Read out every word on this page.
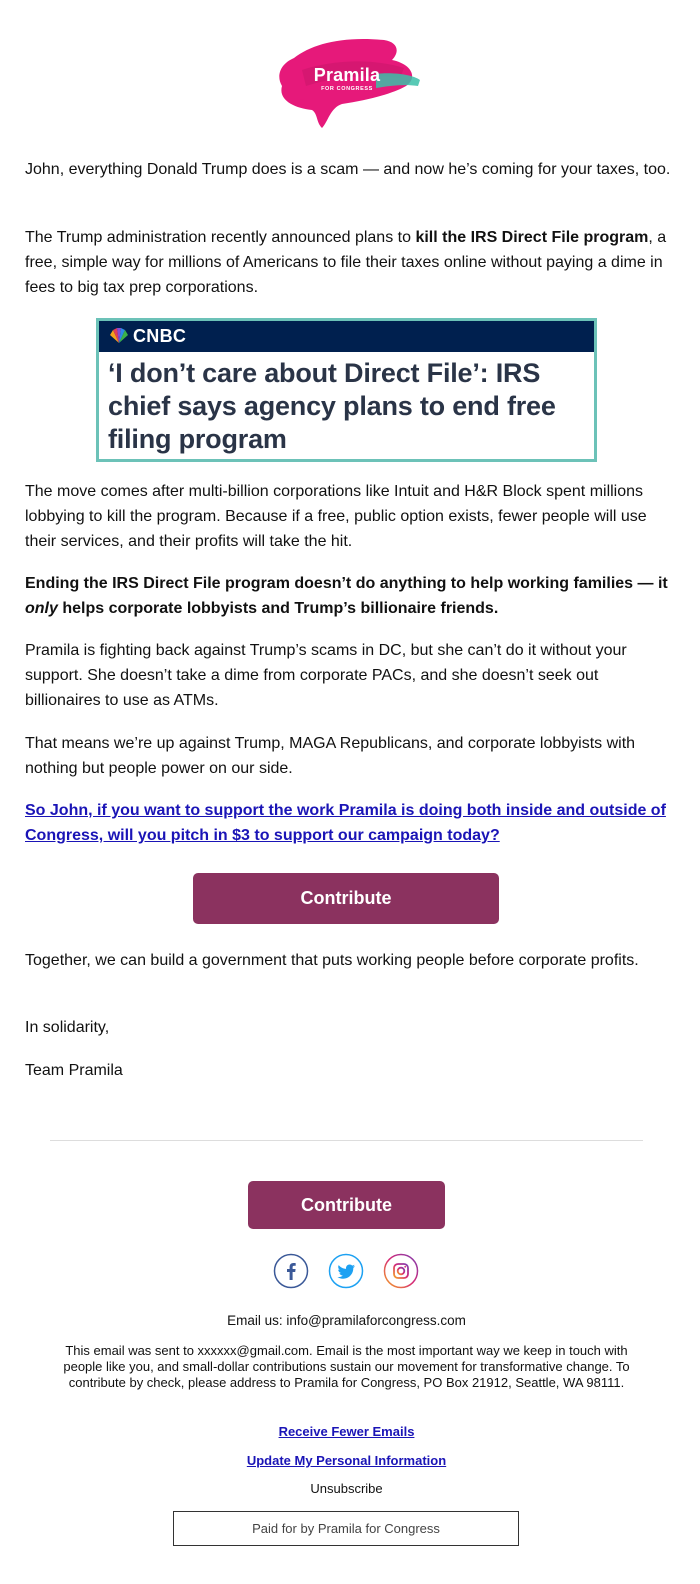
Pramila
FOR CONGRESS

John, everything Donald Trump does is a scam — and now he’s coming for your taxes, too.

The Trump administration recently announced plans to kill the IRS Direct File program, a free, simple way for millions of Americans to file their taxes online without paying a dime in fees to big tax prep corporations.

CNBC
‘I don’t care about Direct File’: IRS chief says agency plans to end free filing program

The move comes after multi-billion corporations like Intuit and H&R Block spent millions lobbying to kill the program. Because if a free, public option exists, fewer people will use their services, and their profits will take the hit.

Ending the IRS Direct File program doesn’t do anything to help working families — it only helps corporate lobbyists and Trump’s billionaire friends.

Pramila is fighting back against Trump’s scams in DC, but she can’t do it without your support. She doesn’t take a dime from corporate PACs, and she doesn’t seek out billionaires to use as ATMs.

That means we’re up against Trump, MAGA Republicans, and corporate lobbyists with nothing but people power on our side.

So John, if you want to support the work Pramila is doing both inside and outside of Congress, will you pitch in $3 to support our campaign today?

Contribute

Together, we can build a government that puts working people before corporate profits.

In solidarity,

Team Pramila

Contribute

Email us: info@pramilaforcongress.com

This email was sent to xxxxxx@gmail.com. Email is the most important way we keep in touch with people like you, and small-dollar contributions sustain our movement for transformative change. To contribute by check, please address to Pramila for Congress, PO Box 21912, Seattle, WA 98111.

Receive Fewer Emails

Update My Personal Information

Unsubscribe

Paid for by Pramila for Congress
